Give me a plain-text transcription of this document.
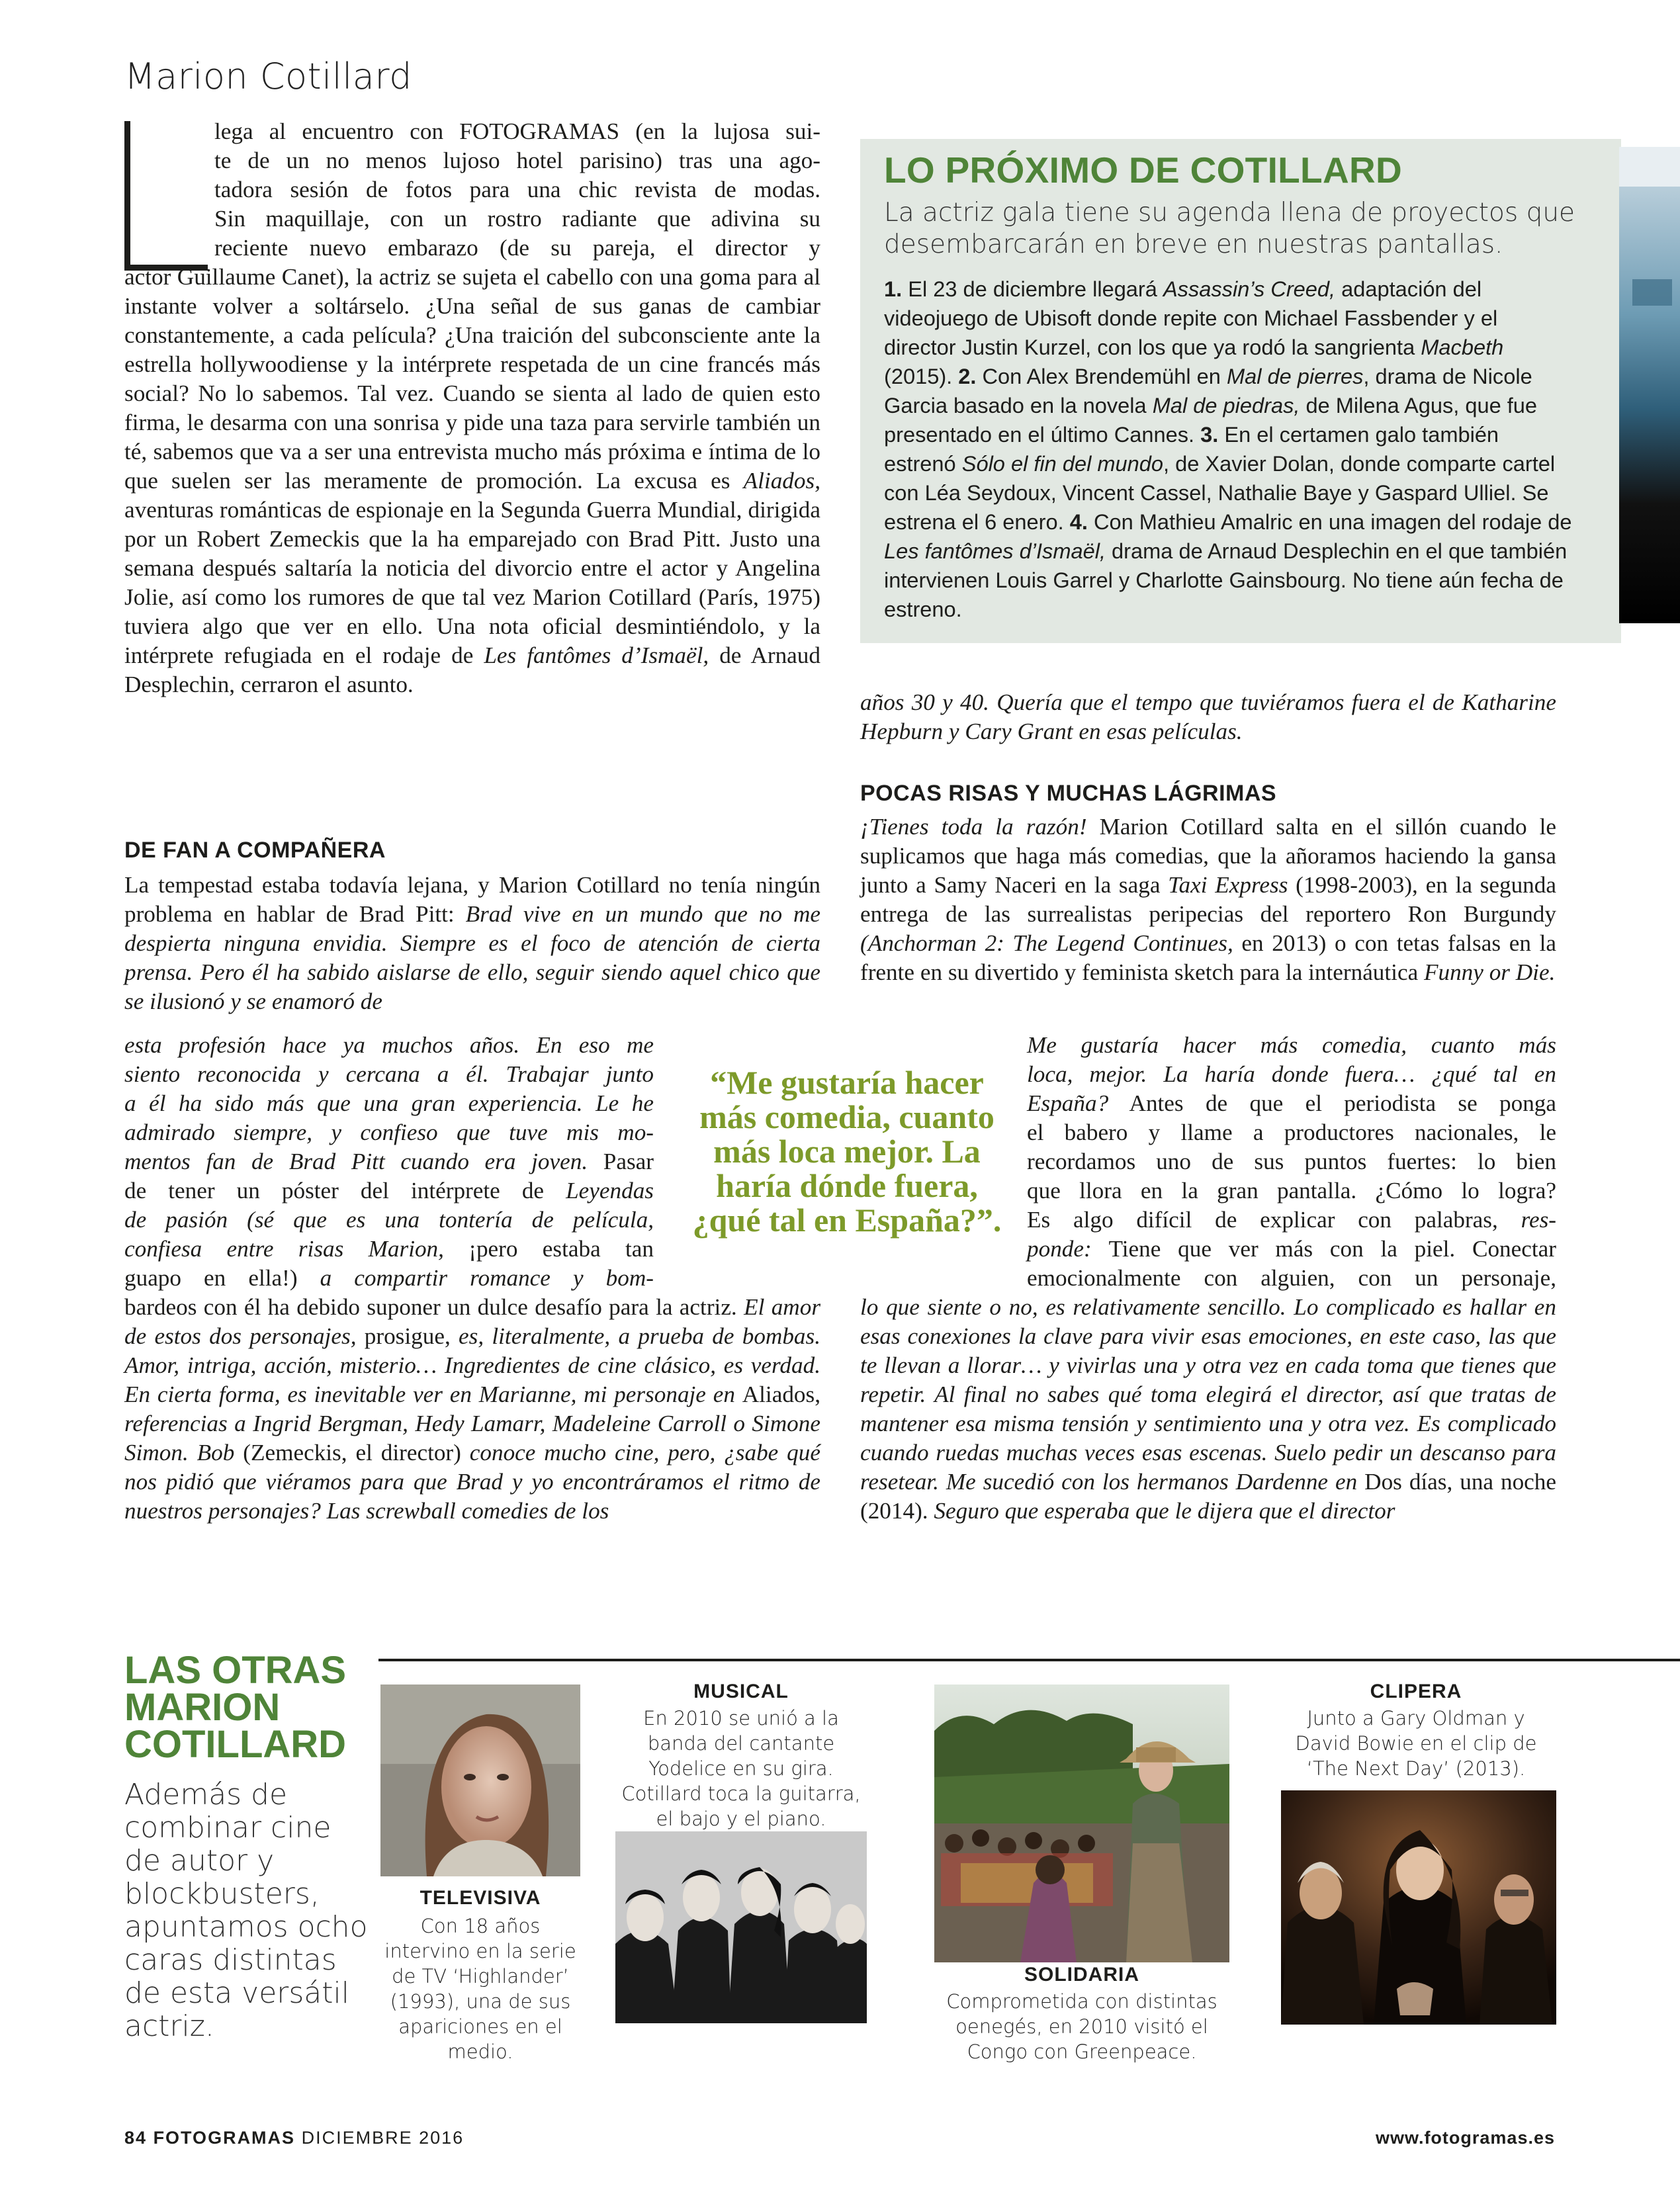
Marion Cotillard
lega al encuentro con FOTOGRAMAS (en la lujosa sui-
te de un no menos lujoso hotel parisino) tras una ago-
tadora sesión de fotos para una chic revista de modas.
Sin maquillaje, con un rostro radiante que adivina su
reciente nuevo embarazo (de su pareja, el director y

actor Guillaume Canet), la actriz se sujeta el cabello con una goma para al instante volver a soltárselo. ¿Una señal de sus ganas de cambiar constantemente, a cada película? ¿Una traición del subconsciente ante la estrella hollywoodiense y la intérprete respetada de un cine francés más social? No lo sabemos. Tal vez. Cuando se sienta al lado de quien esto firma, le desarma con una sonrisa y pide una taza para servirle también un té, sabemos que va a ser una entrevista mucho más próxima e íntima de lo que suelen ser las meramente de promoción. La excusa es Aliados, aventuras románticas de espionaje en la Segunda Guerra Mundial, dirigida por un Robert Zemeckis que la ha emparejado con Brad Pitt. Justo una semana después saltaría la noticia del divorcio entre el actor y Angelina Jolie, así como los rumores de que tal vez Marion Cotillard (París, 1975) tuviera algo que ver en ello. Una nota oficial desmintiéndolo, y la intérprete refugiada en el rodaje de Les fantômes d’Ismaël, de Arnaud Desplechin, cerraron el asunto.

DE FAN A COMPAÑERA

La tempestad estaba todavía lejana, y Marion Cotillard no tenía ningún problema en hablar de Brad Pitt: Brad vive en un mundo que no me despierta ninguna envidia. Siempre es el foco de atención de cierta prensa. Pero él ha sabido aislarse de ello, seguir siendo aquel chico que se ilusionó y se enamoró de

esta profesión hace ya muchos años. En eso me
siento reconocida y cercana a él. Trabajar junto
a él ha sido más que una gran experiencia. Le he
admirado siempre, y confieso que tuve mis mo-
mentos fan de Brad Pitt cuando era joven. Pasar
de tener un póster del intérprete de Leyendas
de pasión (sé que es una tontería de película,
confiesa entre risas Marion, ¡pero estaba tan
guapo en ella!) a compartir romance y bom-

bardeos con él ha debido suponer un dulce desafío para la actriz. El amor de estos dos personajes, prosigue, es, literalmente, a prueba de bombas. Amor, intriga, acción, misterio… Ingredientes de cine clásico, es verdad. En cierta forma, es inevitable ver en Marianne, mi personaje en Aliados, referencias a Ingrid Bergman, Hedy Lamarr, Madeleine Carroll o Simone Simon. Bob (Zemeckis, el director) conoce mucho cine, pero, ¿sabe qué nos pidió que viéramos para que Brad y yo encontráramos el ritmo de nuestros personajes? Las screwball comedies de los

LO PRÓXIMO DE COTILLARD
La actriz gala tiene su agenda llena de proyectos que desembarcarán en breve en nuestras pantallas.
1. El 23 de diciembre llegará Assassin’s Creed, adaptación del videojuego de Ubisoft donde repite con Michael Fassbender y el director Justin Kurzel, con los que ya rodó la sangrienta Macbeth (2015). 2. Con Alex Brendemühl en Mal de pierres, drama de Nicole Garcia basado en la novela Mal de piedras, de Milena Agus, que fue presentado en el último Cannes. 3. En el certamen galo también estrenó Sólo el fin del mundo, de Xavier Dolan, donde comparte cartel con Léa Seydoux, Vincent Cassel, Nathalie Baye y Gaspard Ulliel. Se estrena el 6 enero. 4. Con Mathieu Amalric en una imagen del rodaje de Les fantômes d’Ismaël, drama de Arnaud Desplechin en el que también intervienen Louis Garrel y Charlotte Gainsbourg. No tiene aún fecha de estreno.

años 30 y 40. Quería que el tempo que tuviéramos fuera el de Katharine Hepburn y Cary Grant en esas películas.

POCAS RISAS Y MUCHAS LÁGRIMAS

¡Tienes toda la razón! Marion Cotillard salta en el sillón cuando le suplicamos que haga más comedias, que la añoramos haciendo la gansa junto a Samy Naceri en la saga Taxi Express (1998-2003), en la segunda entrega de las surrealistas peripecias del reportero Ron Burgundy (Anchorman 2: The Legend Continues, en 2013) o con tetas falsas en la frente en su divertido y feminista sketch para la internáutica Funny or Die.

Me gustaría hacer más comedia, cuanto más
loca, mejor. La haría donde fuera… ¿qué tal en
España? Antes de que el periodista se ponga
el babero y llame a productores nacionales, le
recordamos uno de sus puntos fuertes: lo bien
que llora en la gran pantalla. ¿Cómo lo logra?
Es algo difícil de explicar con palabras, res-
ponde: Tiene que ver más con la piel. Conectar
emocionalmente con alguien, con un personaje,

lo que siente o no, es relativamente sencillo. Lo complicado es hallar en esas conexiones la clave para vivir esas emociones, en este caso, las que te llevan a llorar… y vivirlas una y otra vez en cada toma que tienes que repetir. Al final no sabes qué toma elegirá el director, así que tratas de mantener esa misma tensión y sentimiento una y otra vez. Es complicado cuando ruedas muchas veces esas escenas. Suelo pedir un descanso para resetear. Me sucedió con los hermanos Dardenne en Dos días, una noche (2014). Seguro que esperaba que le dijera que el director

“Me gustaría hacer más comedia, cuanto más loca mejor. La haría dónde fuera, ¿qué tal en España?”.
LAS OTRAS MARION COTILLARD
Además de combinar cine de autor y blockbusters, apuntamos ocho caras distintas de esta versátil actriz.
TELEVISIVA
Con 18 años intervino en la serie de TV ‘Highlander’ (1993), una de sus apariciones en el medio.
MUSICAL
En 2010 se unió a la banda del cantante Yodelice en su gira. Cotillard toca la guitarra, el bajo y el piano.
SOLIDARIA
Comprometida con distintas oenegés, en 2010 visitó el Congo con Greenpeace.
CLIPERA
Junto a Gary Oldman y David Bowie en el clip de ‘The Next Day’ (2013).
84 FOTOGRAMAS DICIEMBRE 2016	www.fotogramas.es
